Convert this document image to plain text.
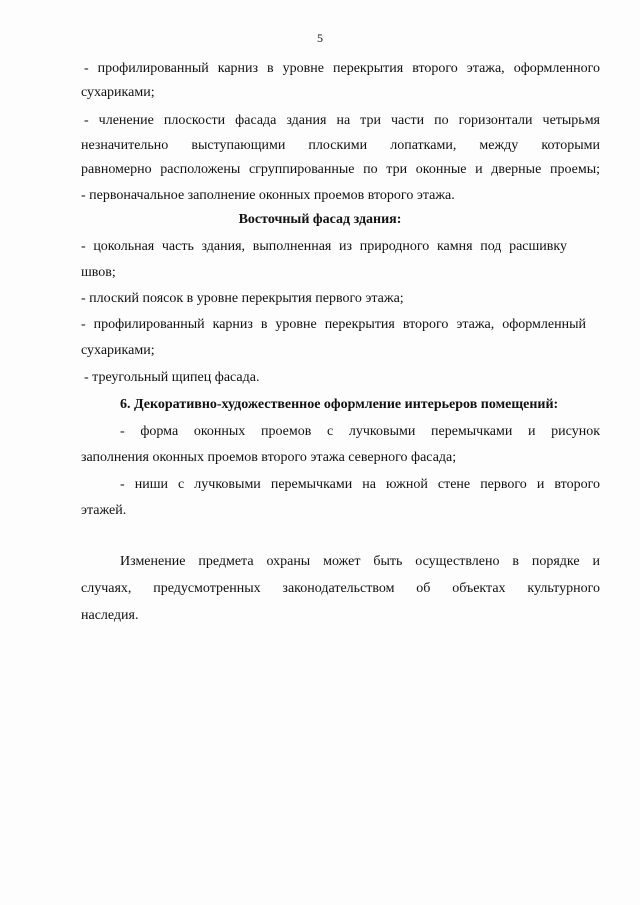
5

- профилированный карниз в уровне перекрытия второго этажа, оформленного

сухариками;

- членение плоскости фасада здания на три части по горизонтали четырьмя

незначительно выступающими плоскими лопатками, между которыми

равномерно расположены сгруппированные по три оконные и дверные проемы;

- первоначальное заполнение оконных проемов второго этажа.

Восточный фасад здания:

- цокольная часть здания, выполненная из природного камня под расшивку

швов;

- плоский поясок в уровне перекрытия первого этажа;

- профилированный карниз в уровне перекрытия второго этажа, оформленный

сухариками;

- треугольный щипец фасада.

6. Декоративно-художественное оформление интерьеров помещений:

- форма оконных проемов с лучковыми перемычками и рисунок

заполнения оконных проемов второго этажа северного фасада;

- ниши с лучковыми перемычками на южной стене первого и второго

этажей.

Изменение предмета охраны может быть осуществлено в порядке и

случаях, предусмотренных законодательством об объектах культурного

наследия.
